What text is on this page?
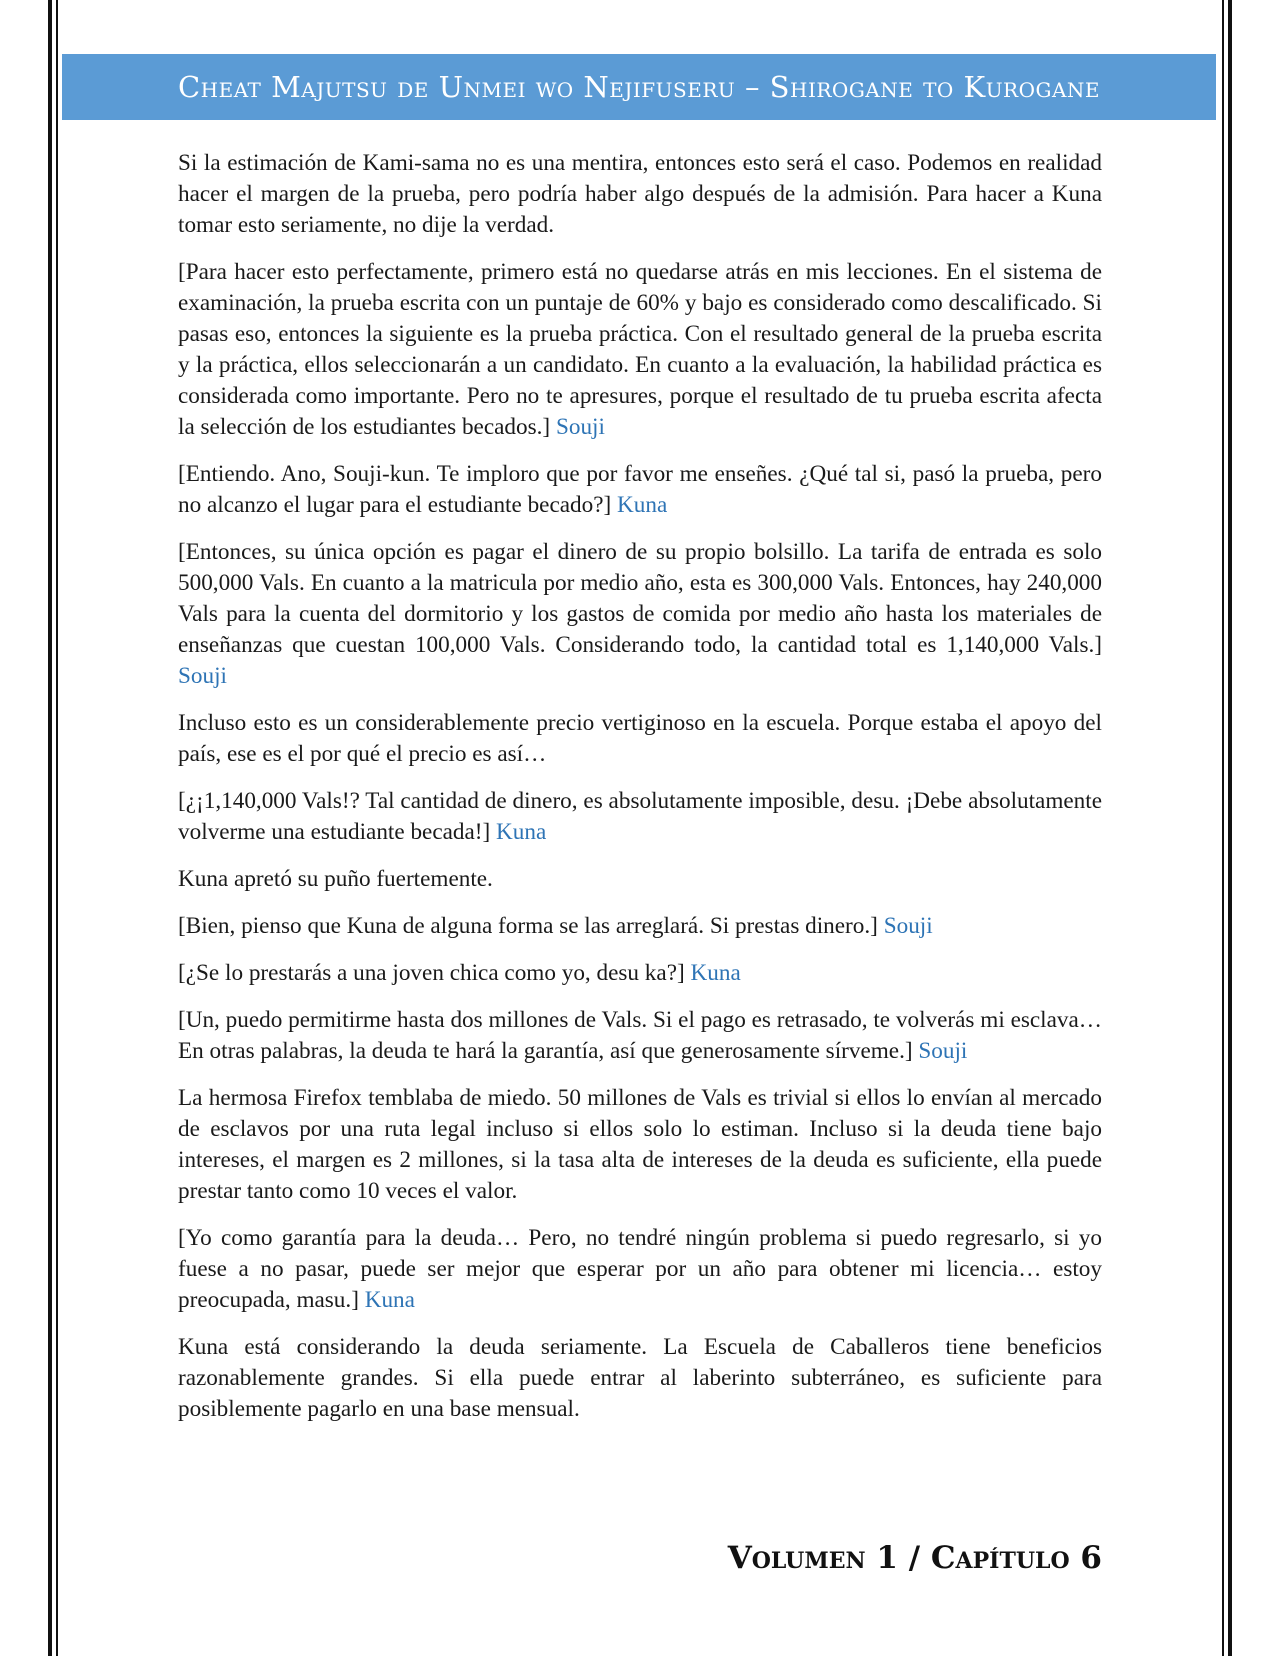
Cheat Majutsu de Unmei wo Nejifuseru – Shirogane to Kurogane

Si la estimación de Kami-sama no es una mentira, entonces esto será el caso. Podemos en realidad hacer el margen de la prueba, pero podría haber algo después de la admisión. Para hacer a Kuna tomar esto seriamente, no dije la verdad.

[Para hacer esto perfectamente, primero está no quedarse atrás en mis lecciones. En el sistema de examinación, la prueba escrita con un puntaje de 60% y bajo es considerado como descalificado. Si pasas eso, entonces la siguiente es la prueba práctica. Con el resultado general de la prueba escrita y la práctica, ellos seleccionarán a un candidato. En cuanto a la evaluación, la habilidad práctica es considerada como importante. Pero no te apresures, porque el resultado de tu prueba escrita afecta la selección de los estudiantes becados.] Souji

[Entiendo. Ano, Souji-kun. Te imploro que por favor me enseñes. ¿Qué tal si, pasó la prueba, pero no alcanzo el lugar para el estudiante becado?] Kuna

[Entonces, su única opción es pagar el dinero de su propio bolsillo. La tarifa de entrada es solo 500,000 Vals. En cuanto a la matricula por medio año, esta es 300,000 Vals. Entonces, hay 240,000 Vals para la cuenta del dormitorio y los gastos de comida por medio año hasta los materiales de enseñanzas que cuestan 100,000 Vals. Considerando todo, la cantidad total es 1,140,000 Vals.] Souji

Incluso esto es un considerablemente precio vertiginoso en la escuela. Porque estaba el apoyo del país, ese es el por qué el precio es así…

[¿¡1,140,000 Vals!? Tal cantidad de dinero, es absolutamente imposible, desu. ¡Debe absolutamente volverme una estudiante becada!] Kuna

Kuna apretó su puño fuertemente.

[Bien, pienso que Kuna de alguna forma se las arreglará. Si prestas dinero.] Souji

[¿Se lo prestarás a una joven chica como yo, desu ka?] Kuna

[Un, puedo permitirme hasta dos millones de Vals. Si el pago es retrasado, te volverás mi esclava… En otras palabras, la deuda te hará la garantía, así que generosamente sírveme.] Souji

La hermosa Firefox temblaba de miedo. 50 millones de Vals es trivial si ellos lo envían al mercado de esclavos por una ruta legal incluso si ellos solo lo estiman. Incluso si la deuda tiene bajo intereses, el margen es 2 millones, si la tasa alta de intereses de la deuda es suficiente, ella puede prestar tanto como 10 veces el valor.

[Yo como garantía para la deuda… Pero, no tendré ningún problema si puedo regresarlo, si yo fuese a no pasar, puede ser mejor que esperar por un año para obtener mi licencia… estoy preocupada, masu.] Kuna

Kuna está considerando la deuda seriamente. La Escuela de Caballeros tiene beneficios razonablemente grandes. Si ella puede entrar al laberinto subterráneo, es suficiente para posiblemente pagarlo en una base mensual.

Volumen 1 / Capítulo 6
